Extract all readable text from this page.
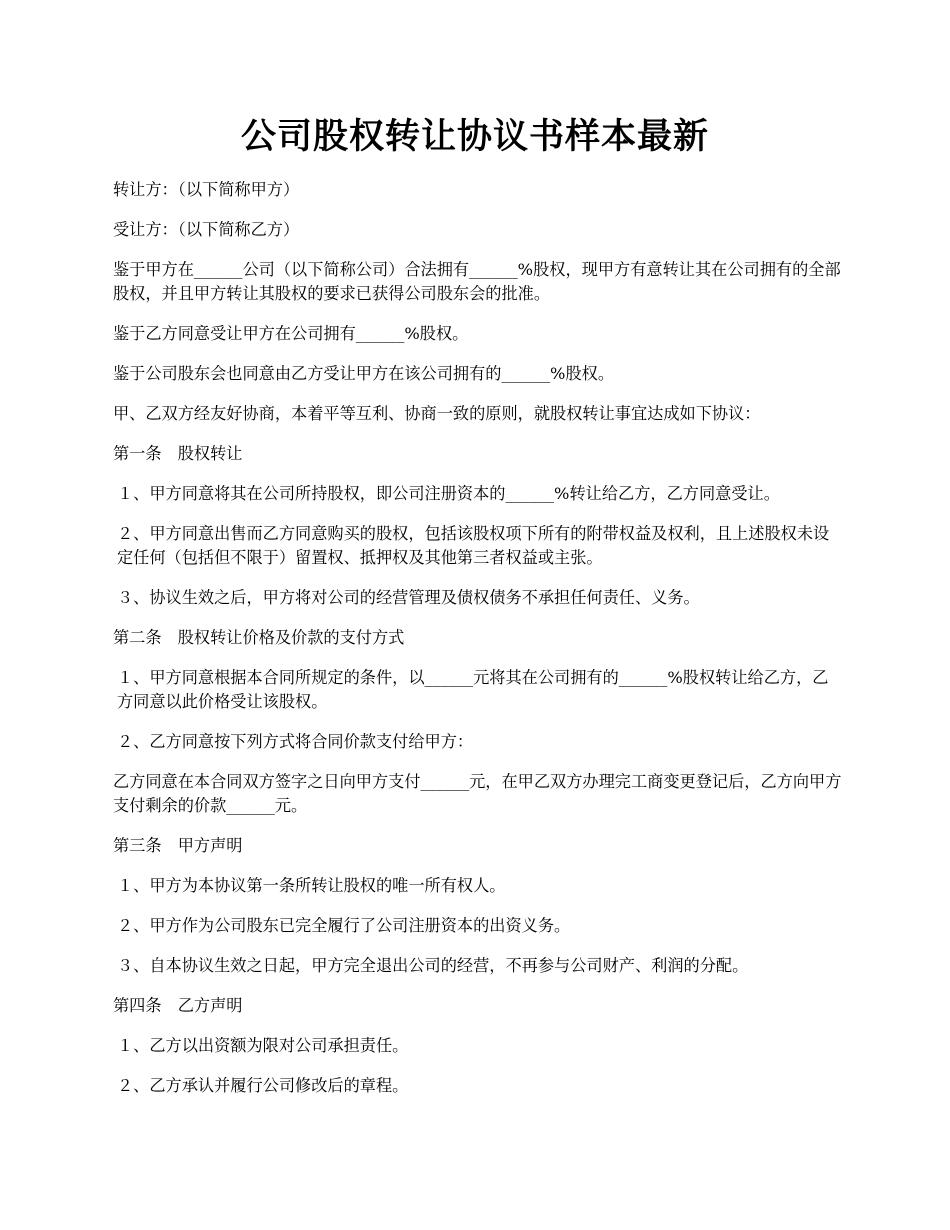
公司股权转让协议书样本最新

转让方：（以下简称甲方）

受让方：（以下简称乙方）

鉴于甲方在______公司（以下简称公司）合法拥有______%股权，现甲方有意转让其在公司拥有的全部股权，并且甲方转让其股权的要求已获得公司股东会的批准。

鉴于乙方同意受让甲方在公司拥有______%股权。

鉴于公司股东会也同意由乙方受让甲方在该公司拥有的______%股权。

甲、乙双方经友好协商，本着平等互利、协商一致的原则，就股权转让事宜达成如下协议：

第一条　股权转让

１、甲方同意将其在公司所持股权，即公司注册资本的______%转让给乙方，乙方同意受让。

２、甲方同意出售而乙方同意购买的股权，包括该股权项下所有的附带权益及权利，且上述股权未设定任何（包括但不限于）留置权、抵押权及其他第三者权益或主张。

３、协议生效之后，甲方将对公司的经营管理及债权债务不承担任何责任、义务。

第二条　股权转让价格及价款的支付方式

１、甲方同意根据本合同所规定的条件，以______元将其在公司拥有的______%股权转让给乙方，乙方同意以此价格受让该股权。

２、乙方同意按下列方式将合同价款支付给甲方：

乙方同意在本合同双方签字之日向甲方支付______元，在甲乙双方办理完工商变更登记后，乙方向甲方支付剩余的价款______元。

第三条　甲方声明

１、甲方为本协议第一条所转让股权的唯一所有权人。

２、甲方作为公司股东已完全履行了公司注册资本的出资义务。

３、自本协议生效之日起，甲方完全退出公司的经营，不再参与公司财产、利润的分配。

第四条　乙方声明

１、乙方以出资额为限对公司承担责任。

２、乙方承认并履行公司修改后的章程。
